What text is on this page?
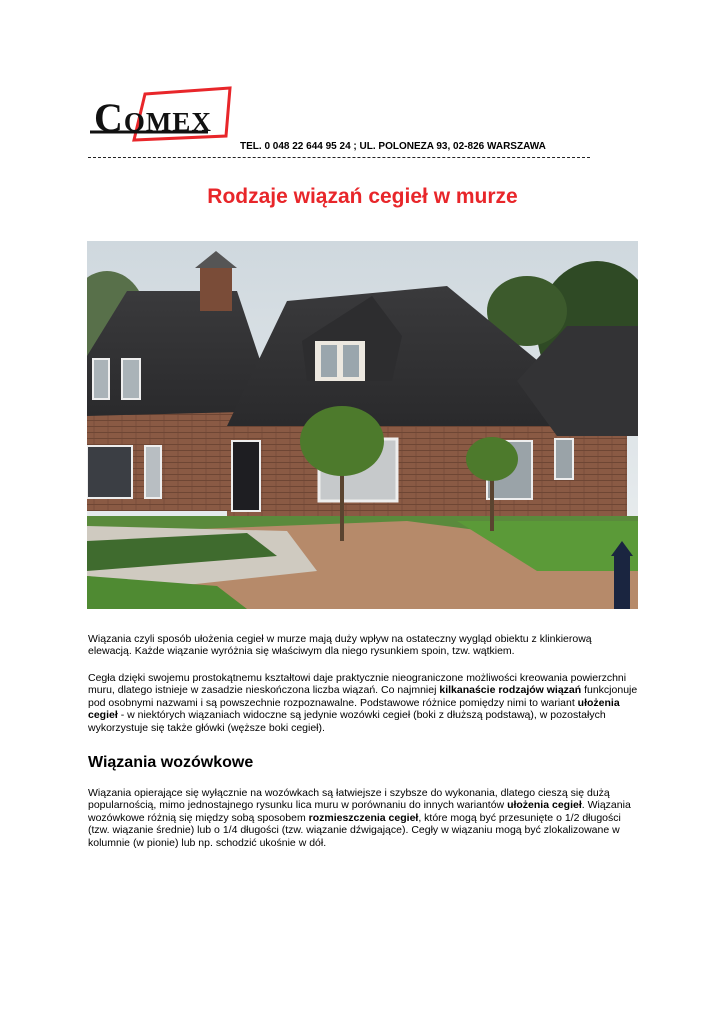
COMEX
TEL. 0 048 22 644 95 24 ; UL. POLONEZA 93, 02-826 WARSZAWA
Rodzaje wiązań cegieł w murze

Wiązania czyli sposób ułożenia cegieł w murze mają duży wpływ na ostateczny wygląd obiektu z klinkierową elewacją. Każde wiązanie wyróżnia się właściwym dla niego rysunkiem spoin, tzw. wątkiem.

Cegła dzięki swojemu prostokątnemu kształtowi daje praktycznie nieograniczone możliwości kreowania powierzchni muru, dlatego istnieje w zasadzie nieskończona liczba wiązań. Co najmniej kilkanaście rodzajów wiązań funkcjonuje pod osobnymi nazwami i są powszechnie rozpoznawalne. Podstawowe różnice pomiędzy nimi to wariant ułożenia cegieł - w niektórych wiązaniach widoczne są jedynie wozówki cegieł (boki z dłuższą podstawą), w pozostałych wykorzystuje się także główki (węższe boki cegieł).

Wiązania wozówkowe

Wiązania opierające się wyłącznie na wozówkach są łatwiejsze i szybsze do wykonania, dlatego cieszą się dużą popularnością, mimo jednostajnego rysunku lica muru w porównaniu do innych wariantów ułożenia cegieł. Wiązania wozówkowe różnią się między sobą sposobem rozmieszczenia cegieł, które mogą być przesunięte o 1/2 długości (tzw. wiązanie średnie) lub o 1/4 długości (tzw. wiązanie dźwigające). Cegły w wiązaniu mogą być zlokalizowane w kolumnie (w pionie) lub np. schodzić ukośnie w dół.
